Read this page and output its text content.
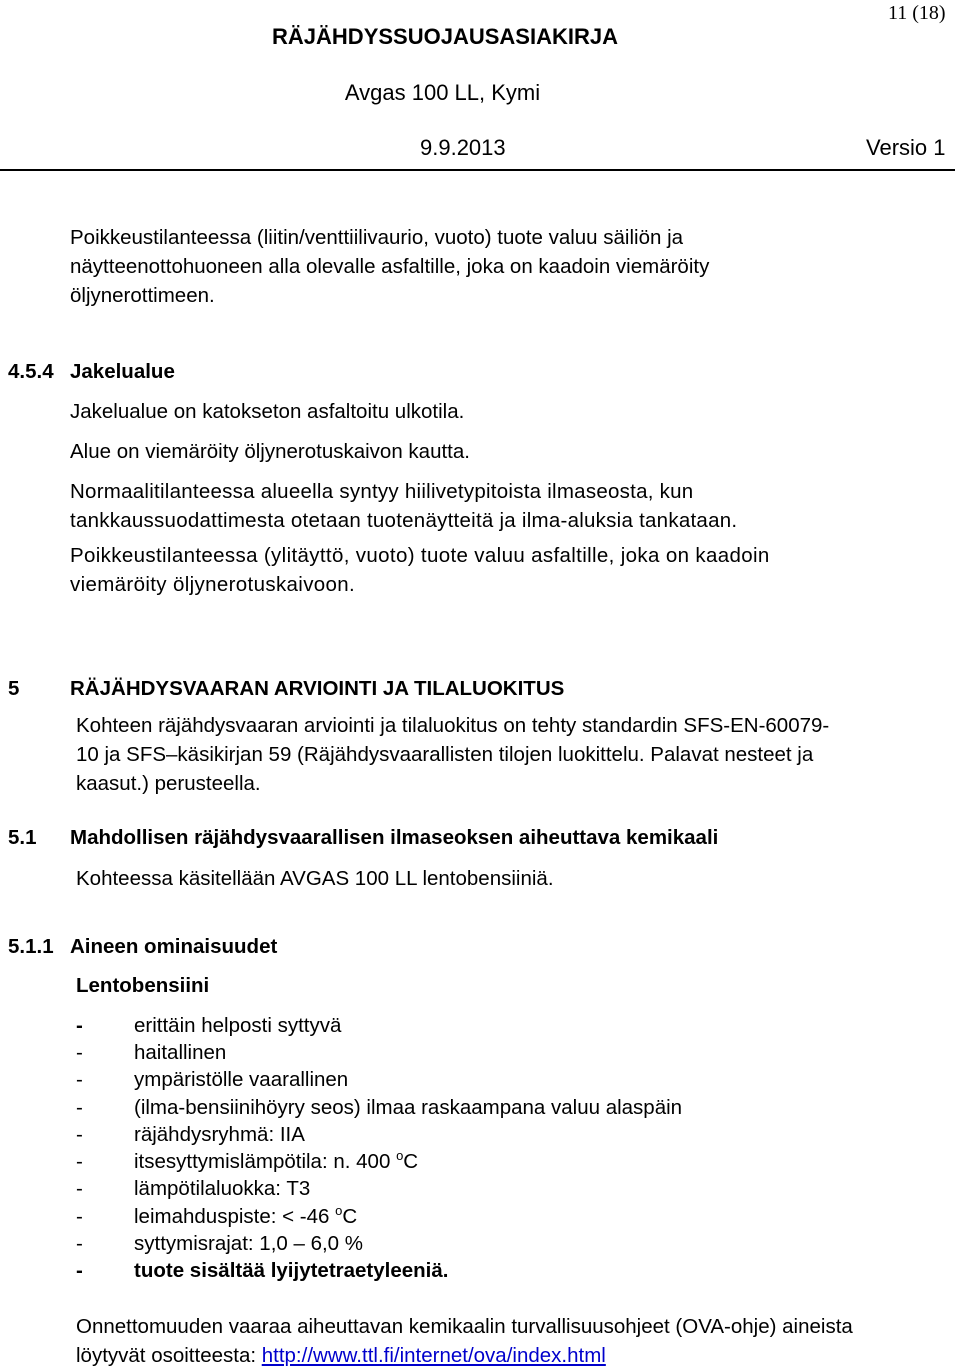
11 (18)
RÄJÄHDYSSUOJAUSASIAKIRJA
Avgas 100 LL, Kymi
9.9.2013	Versio 1
Poikkeustilanteessa (liitin/venttiilivaurio, vuoto) tuote valuu säiliön ja
näytteenottohuoneen alla olevalle asfaltille, joka on kaadoin viemäröity
öljynerottimeen.
4.5.4 Jakelualue
Jakelualue on katokseton asfaltoitu ulkotila.
Alue on viemäröity öljynerotuskaivon kautta.
Normaalitilanteessa alueella syntyy hiilivetypitoista ilmaseosta, kun
tankkaussuodattimesta otetaan tuotenäytteitä ja ilma-aluksia tankataan.
Poikkeustilanteessa (ylitäyttö, vuoto) tuote valuu asfaltille, joka on kaadoin
viemäröity öljynerotuskaivoon.
5 RÄJÄHDYSVAARAN ARVIOINTI JA TILALUOKITUS
Kohteen räjähdysvaaran arviointi ja tilaluokitus on tehty standardin SFS-EN-60079-
10 ja SFS–käsikirjan 59 (Räjähdysvaarallisten tilojen luokittelu. Palavat nesteet ja
kaasut.) perusteella.
5.1 Mahdollisen räjähdysvaarallisen ilmaseoksen aiheuttava kemikaali
Kohteessa käsitellään AVGAS 100 LL lentobensiiniä.
5.1.1 Aineen ominaisuudet
Lentobensiini
- erittäin helposti syttyvä
- haitallinen
- ympäristölle vaarallinen
- (ilma-bensiinihöyry seos) ilmaa raskaampana valuu alaspäin
- räjähdysryhmä: IIA
- itsesyttymislämpötila: n. 400 $^o$C
- lämpötilaluokka: T3
- leimahduspiste: < -46 $^o$C
- syttymisrajat: 1,0 – 6,0 %
- tuote sisältää lyijytetraetyleeniä.
Onnettomuuden vaaraa aiheuttavan kemikaalin turvallisuusohjeet (OVA-ohje) aineista
löytyvät osoitteesta: http://www.ttl.fi/internet/ova/index.html
